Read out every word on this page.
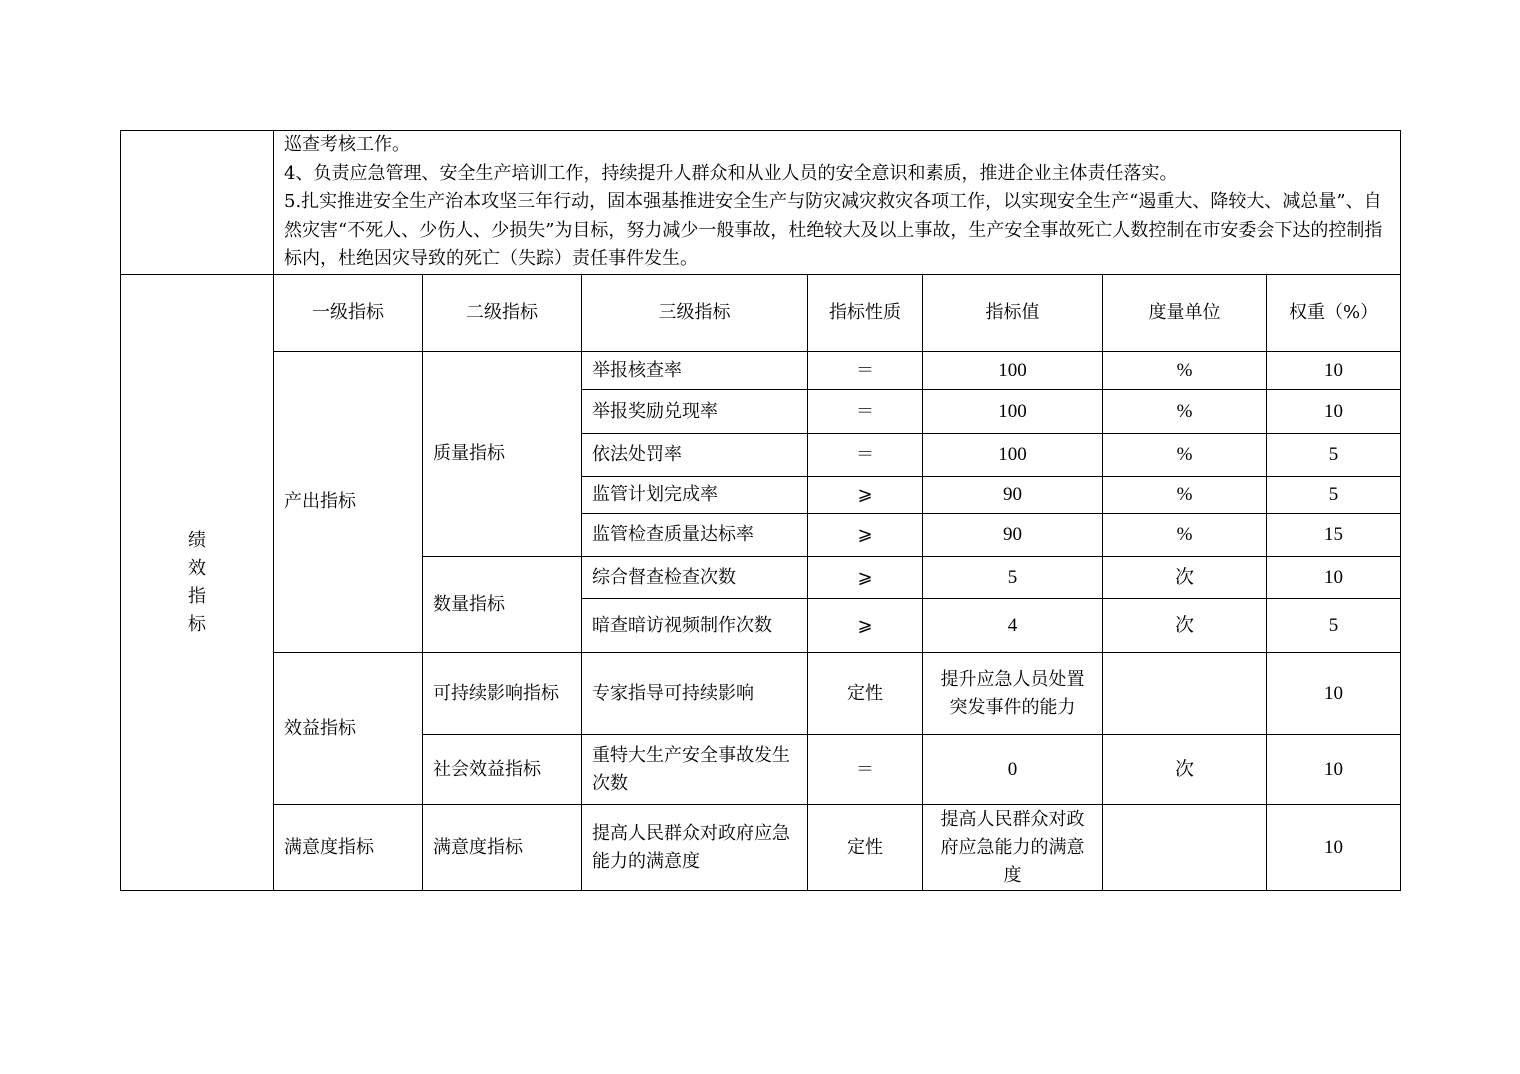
	巡查考核工作。

4、负责应急管理、安全生产培训工作，持续提升人群众和从业人员的安全意识和素质，推进企业主体责任落实。

5.扎实推进安全生产治本攻坚三年行动，固本强基推进安全生产与防灾减灾救灾各项工作，以实现安全生产“遏重大、降较大、减总量”、自然灾害“不死人、少伤人、少损失”为目标，努力减少一般事故，杜绝较大及以上事故，生产安全事故死亡人数控制在市安委会下达的控制指标内，杜绝因灾导致的死亡（失踪）责任事件发生。						

绩
效
指
标	一级指标	二级指标	三级指标	指标性质	指标值	度量单位	权重（%）
	产出指标	质量指标	举报核查率	＝	100	%	10
			举报奖励兑现率	＝	100	%	10
			依法处罚率	＝	100	%	5
			监管计划完成率	⩾	90	%	5
			监管检查质量达标率	⩾	90	%	15
		数量指标	综合督查检查次数	⩾	5	次	10
			暗查暗访视频制作次数	⩾	4	次	5
	效益指标	可持续影响指标	专家指导可持续影响	定性	提升应急人员处置突发事件的能力		10
		社会效益指标	重特大生产安全事故发生次数	＝	0	次	10
	满意度指标	满意度指标	提高人民群众对政府应急能力的满意度	定性	提高人民群众对政府应急能力的满意度		10
